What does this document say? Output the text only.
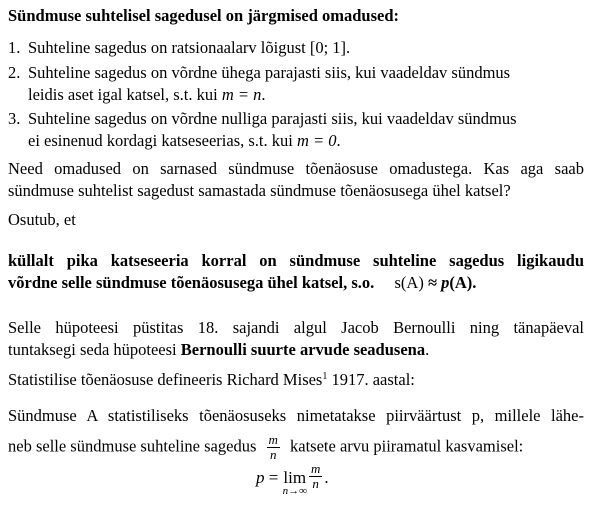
Sündmuse suhtelisel sagedusel on järgmised omadused:
1. Suhteline sagedus on ratsionaalarv lõigust [0; 1].
2. Suhteline sagedus on võrdne ühega parajasti siis, kui vaadeldav sündmus
leidis aset igal katsel, s.t. kui m = n.
3. Suhteline sagedus on võrdne nulliga parajasti siis, kui vaadeldav sündmus
ei esinenud kordagi katseseerias, s.t. kui m = 0.
Need omadused on sarnased sündmuse tõenäosuse omadustega. Kas aga saab
sündmuse suhtelist sagedust samastada sündmuse tõenäosusega ühel katsel?
Osutub, et
küllalt pika katseseeria korral on sündmuse suhteline sagedus ligikaudu
võrdne selle sündmuse tõenäosusega ühel katsel, s.o. s(A) ≈ p(A).
Selle hüpoteesi püstitas 18. sajandi algul Jacob Bernoulli ning tänapäeval
tuntaksegi seda hüpoteesi Bernoulli suurte arvude seadusena.
Statistilise tõenäosuse defineeris Richard Mises$^1$ 1917. aastal:
Sündmuse A statistiliseks tõenäosuseks nimetatakse piirväärtust p, millele lähe-
neb selle sündmuse suhteline sagedus $\frac{m}{n}$ katsete arvu piiramatul kasvamisel:
p = lim
$n\to\infty \frac{m}{n}$ .
